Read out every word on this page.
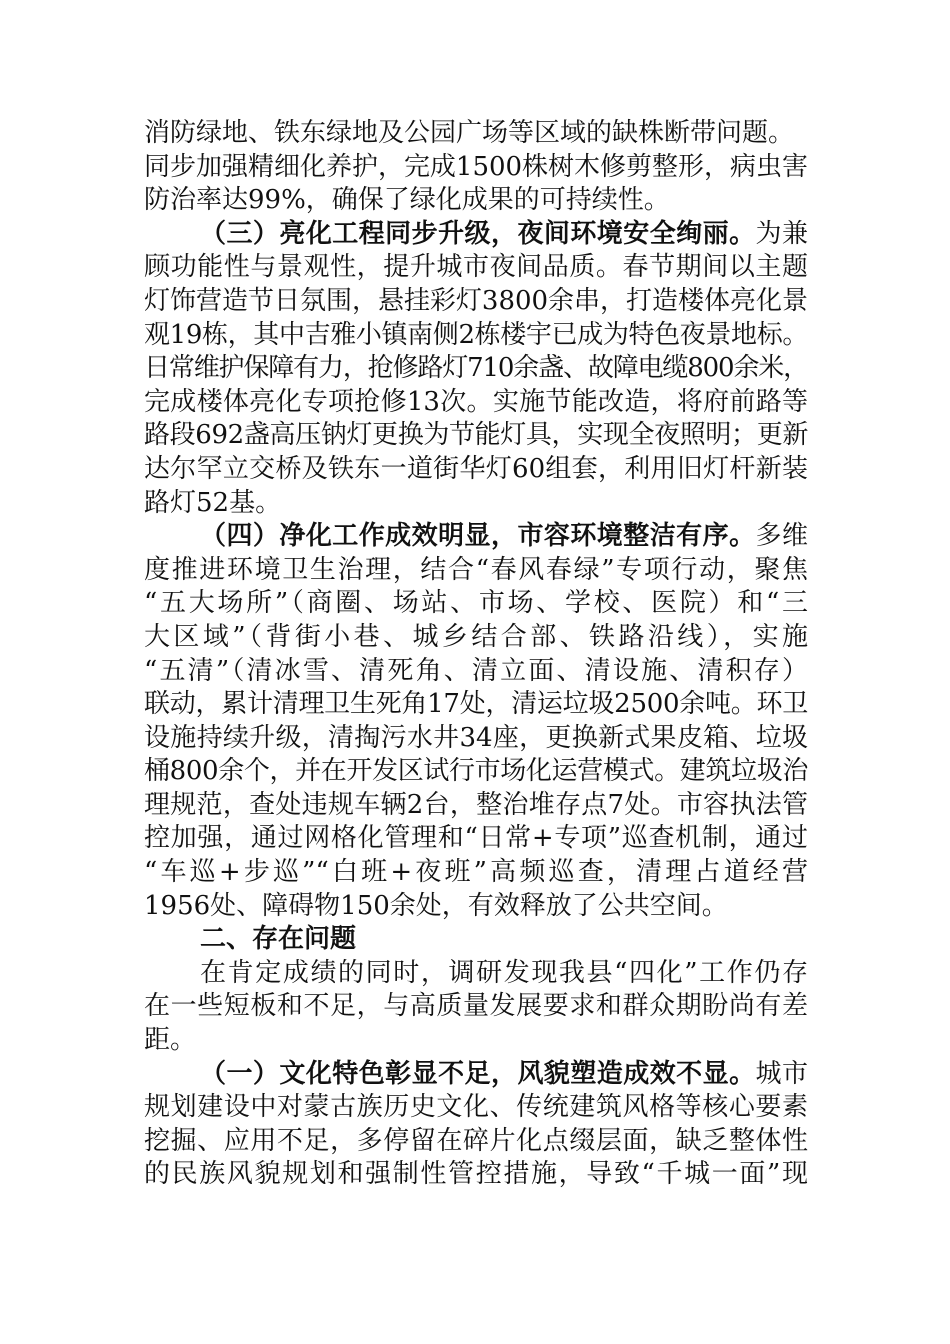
消防绿地、铁东绿地及公园广场等区域的缺株断带问题。
同步加强精细化养护，完成1500株树木修剪整形，病虫害
防治率达99%，确保了绿化成果的可持续性。
（三）亮化工程同步升级，夜间环境安全绚丽。为兼
顾功能性与景观性，提升城市夜间品质。春节期间以主题
灯饰营造节日氛围，悬挂彩灯3800余串，打造楼体亮化景
观19栋，其中吉雅小镇南侧2栋楼宇已成为特色夜景地标。
日常维护保障有力，抢修路灯710余盏、故障电缆800余米，
完成楼体亮化专项抢修13次。实施节能改造，将府前路等
路段692盏高压钠灯更换为节能灯具，实现全夜照明；更新
达尔罕立交桥及铁东一道街华灯60组套，利用旧灯杆新装
路灯52基。
（四）净化工作成效明显，市容环境整洁有序。多维
度推进环境卫生治理，结合“春风春绿”专项行动，聚焦
“五大场所”（商圈、场站、市场、学校、医院）和“三
大区域”（背街小巷、城乡结合部、铁路沿线），实施
“五清”（清冰雪、清死角、清立面、清设施、清积存）
联动，累计清理卫生死角17处，清运垃圾2500余吨。环卫
设施持续升级，清掏污水井34座，更换新式果皮箱、垃圾
桶800余个，并在开发区试行市场化运营模式。建筑垃圾治
理规范，查处违规车辆2台，整治堆存点7处。市容执法管
控加强，通过网格化管理和“日常+专项”巡查机制，通过
“车巡+步巡”“白班+夜班”高频巡查，清理占道经营
1956处、障碍物150余处，有效释放了公共空间。
二、存在问题
在肯定成绩的同时，调研发现我县“四化”工作仍存
在一些短板和不足，与高质量发展要求和群众期盼尚有差
距。
（一）文化特色彰显不足，风貌塑造成效不显。城市
规划建设中对蒙古族历史文化、传统建筑风格等核心要素
挖掘、应用不足，多停留在碎片化点缀层面，缺乏整体性
的民族风貌规划和强制性管控措施，导致“千城一面”现
